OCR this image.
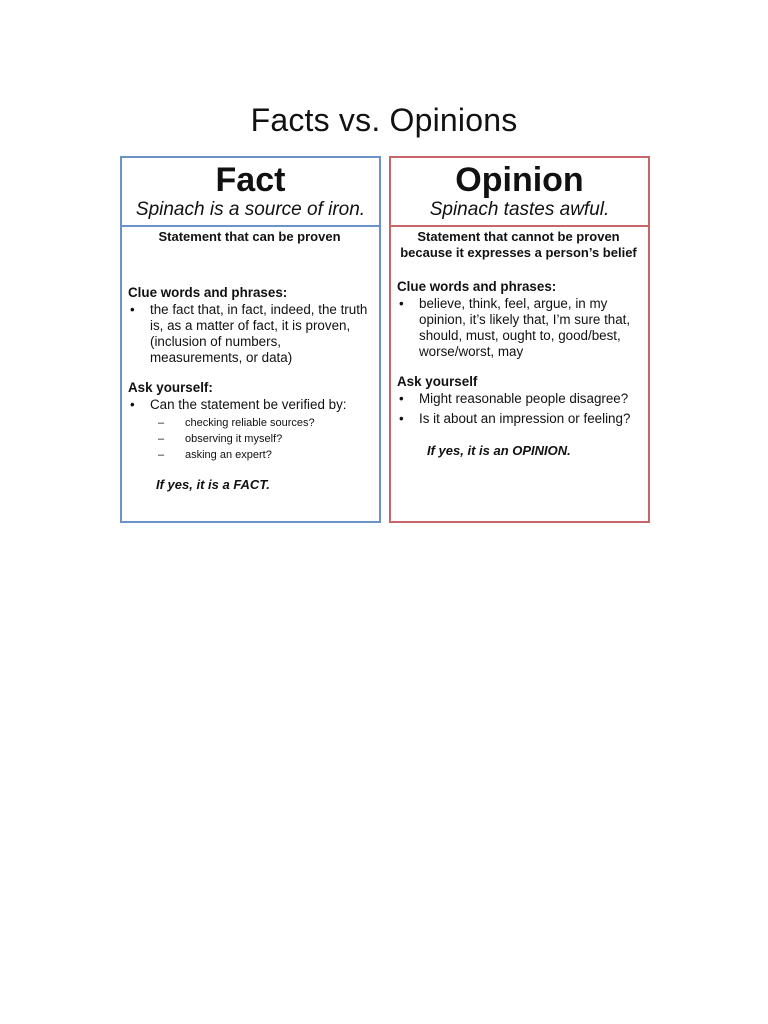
Facts vs. Opinions
Fact
Spinach is a source of iron.
Statement that can be proven
Clue words and phrases:
• the fact that, in fact, indeed, the truth is, as a matter of fact, it is proven, (inclusion of numbers, measurements, or data)
Ask yourself:
• Can the statement be verified by:
– checking reliable sources?
– observing it myself?
– asking an expert?
If yes, it is a FACT.
Opinion
Spinach tastes awful.
Statement that cannot be proven because it expresses a person’s belief
Clue words and phrases:
• believe, think, feel, argue, in my opinion, it’s likely that, I’m sure that, should, must, ought to, good/best, worse/worst, may
Ask yourself
• Might reasonable people disagree?
• Is it about an impression or feeling?
If yes, it is an OPINION.
